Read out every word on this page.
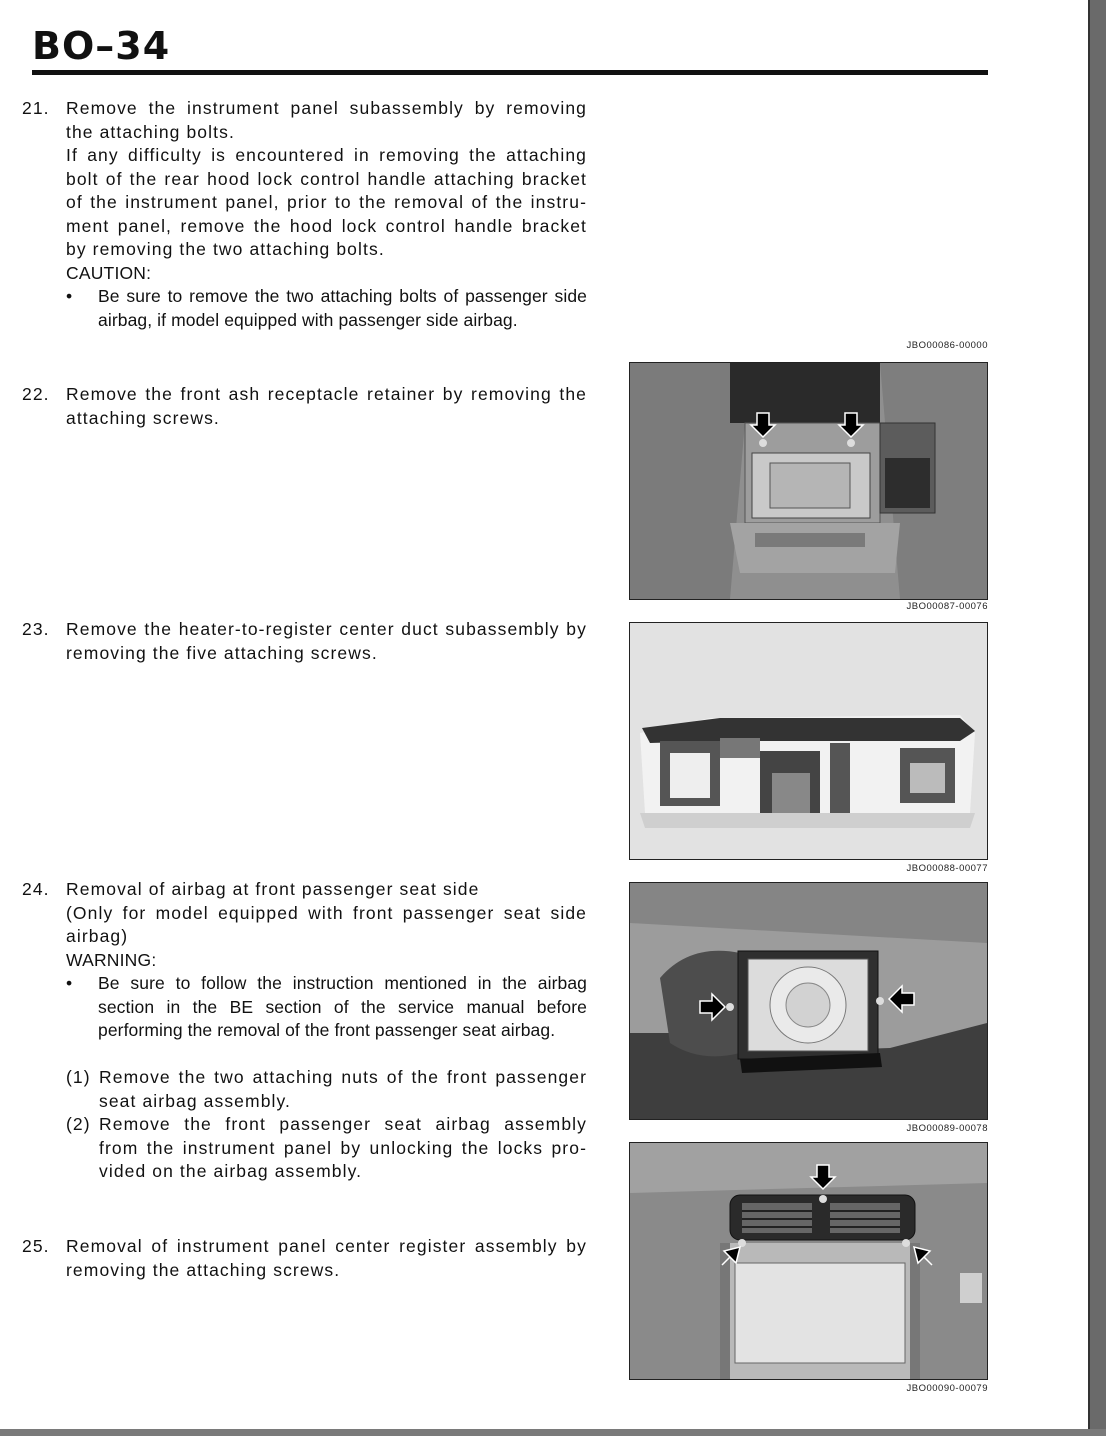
BO–34
21. Remove the instrument panel subassembly by removing the attaching bolts.

If any difficulty is encountered in removing the attaching bolt of the rear hood lock control handle attaching bracket of the instrument panel, prior to the removal of the instru-ment panel, remove the hood lock control handle bracket by removing the two attaching bolts.

CAUTION:

• Be sure to remove the two attaching bolts of passenger side airbag, if model equipped with passenger side airbag.
22. Remove the front ash receptacle retainer by removing the attaching screws.

23. Remove the heater-to-register center duct subassembly by removing the five attaching screws.

24. Removal of airbag at front passenger seat side

(Only for model equipped with front passenger seat side airbag)

WARNING:

• Be sure to follow the instruction mentioned in the airbag section in the BE section of the service manual before performing the removal of the front passenger seat airbag.
(1) Remove the two attaching nuts of the front passenger seat airbag assembly.
(2) Remove the front passenger seat airbag assembly from the instrument panel by unlocking the locks pro-vided on the airbag assembly.
25. Removal of instrument panel center register assembly by removing the attaching screws.

JBO00086-00000
JBO00087-00076
JBO00088-00077
JBO00089-00078
JBO00090-00079
